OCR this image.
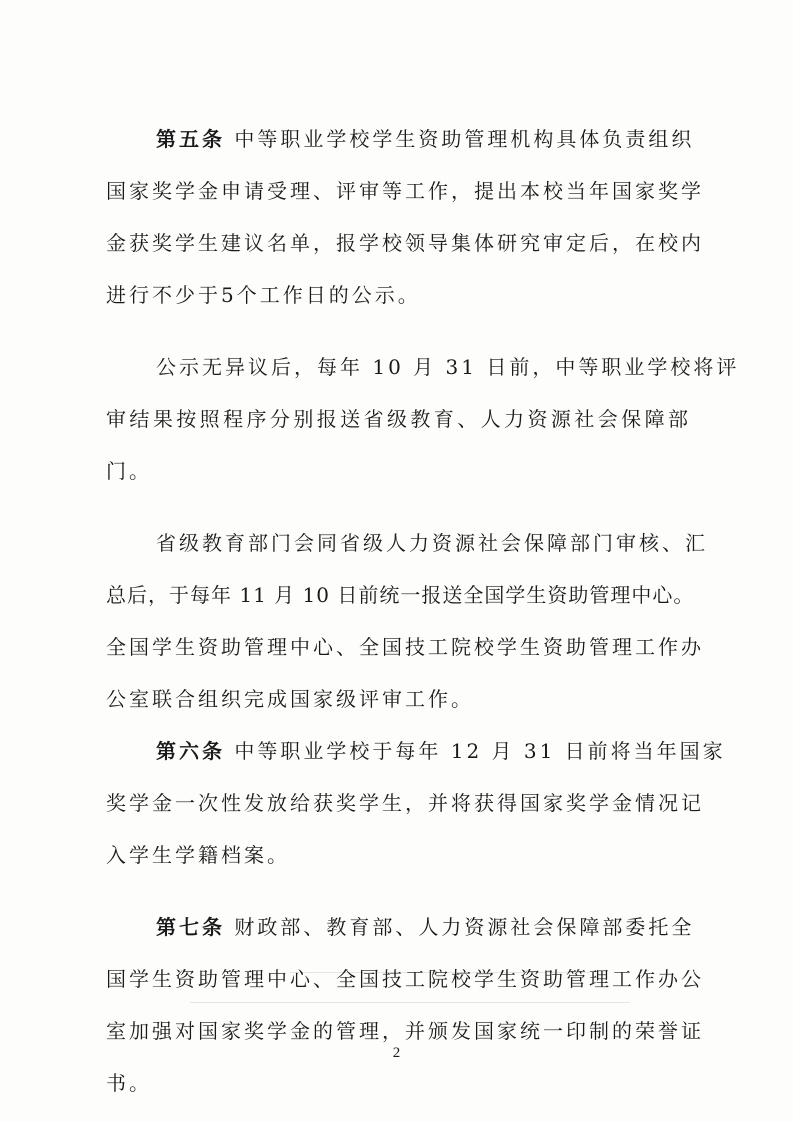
第五条 中等职业学校学生资助管理机构具体负责组织
国家奖学金申请受理、评审等工作，提出本校当年国家奖学
金获奖学生建议名单，报学校领导集体研究审定后，在校内
进行不少于5个工作日的公示。
公示无异议后，每年 10 月 31 日前，中等职业学校将评
审结果按照程序分别报送省级教育、人力资源社会保障部
门。
省级教育部门会同省级人力资源社会保障部门审核、汇
总后，于每年 11 月 10 日前统一报送全国学生资助管理中心。
全国学生资助管理中心、全国技工院校学生资助管理工作办
公室联合组织完成国家级评审工作。
第六条 中等职业学校于每年 12 月 31 日前将当年国家
奖学金一次性发放给获奖学生，并将获得国家奖学金情况记
入学生学籍档案。
第七条 财政部、教育部、人力资源社会保障部委托全
国学生资助管理中心、全国技工院校学生资助管理工作办公
室加强对国家奖学金的管理，并颁发国家统一印制的荣誉证
书。
2
